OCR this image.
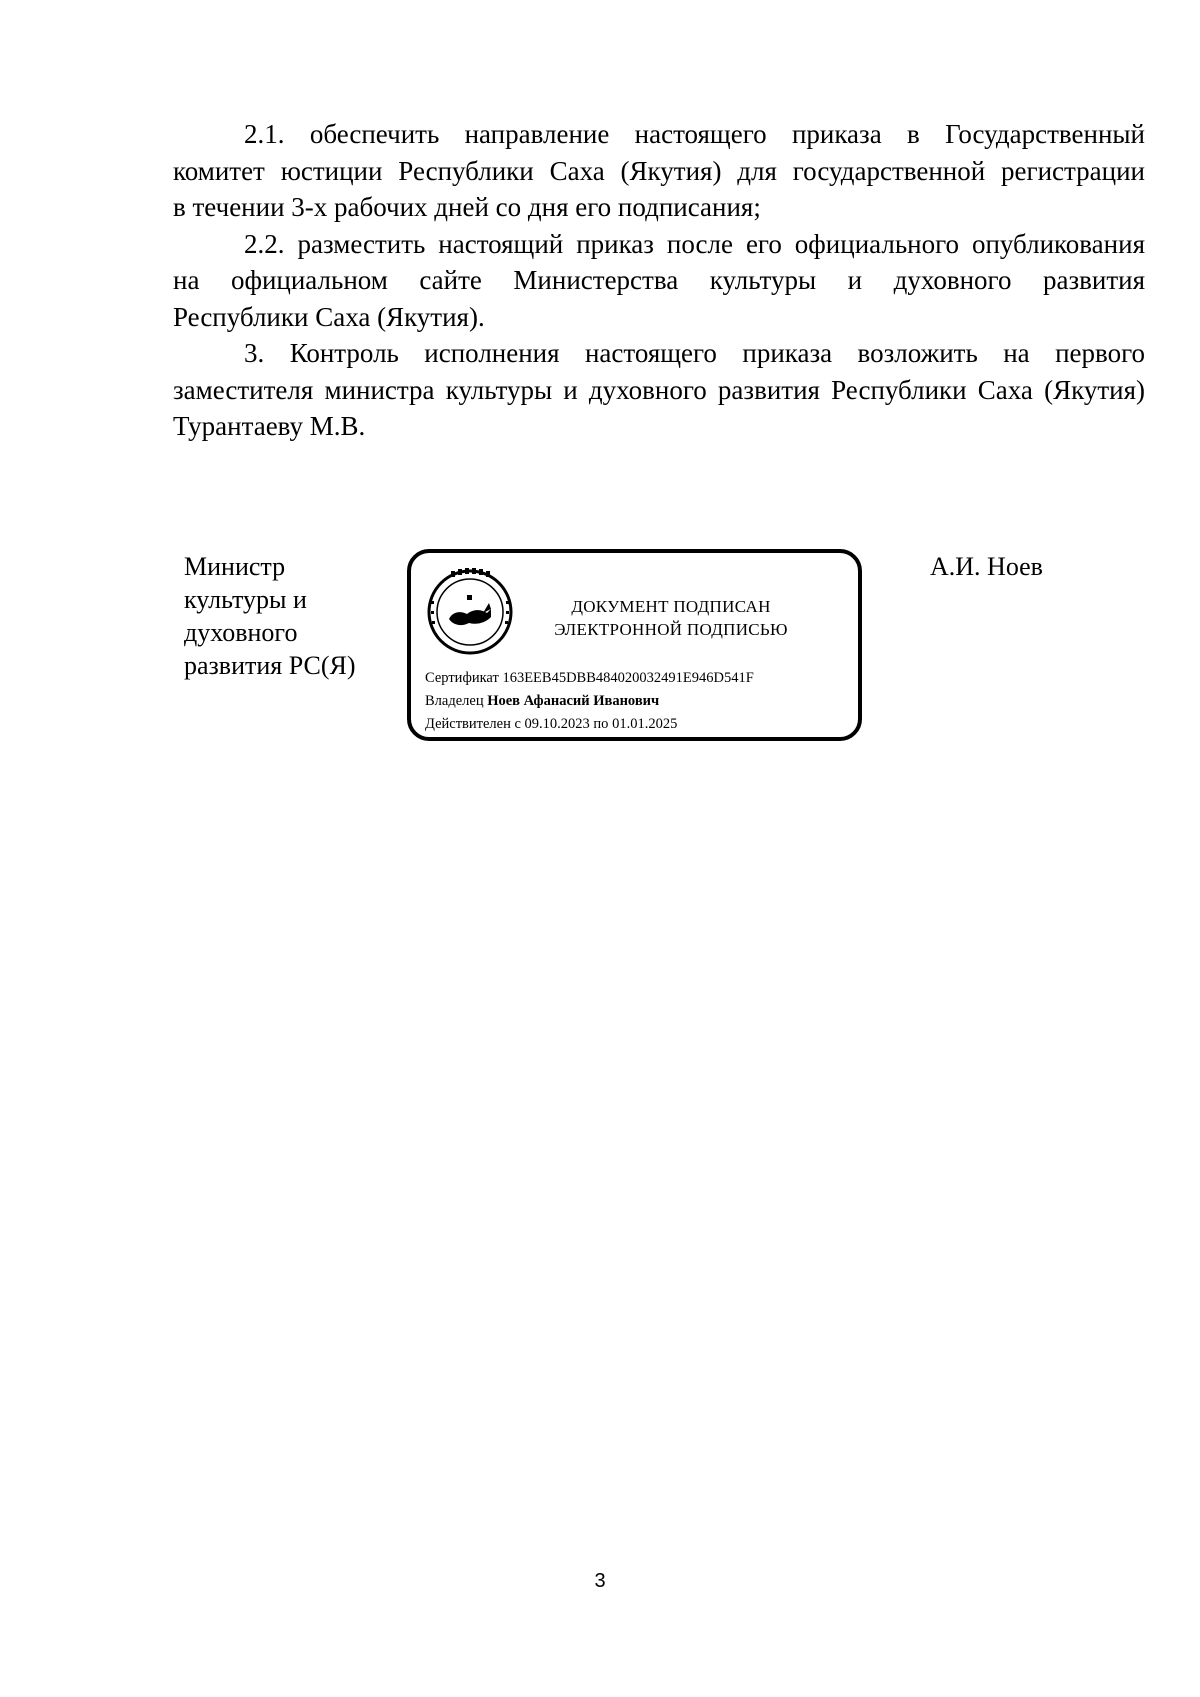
2.1. обеспечить направление настоящего приказа в Государственный
комитет юстиции Республики Саха (Якутия) для государственной регистрации
в течении 3-х рабочих дней со дня его подписания;

2.2. разместить настоящий приказ после его официального опубликования
на официальном сайте Министерства культуры и духовного развития
Республики Саха (Якутия).

3. Контроль исполнения настоящего приказа возложить на первого
заместителя министра культуры и духовного развития Республики Саха (Якутия)
Турантаеву М.В.

Министр
культуры и
духовного
развития РС(Я)
ДОКУМЕНТ ПОДПИСАН
ЭЛЕКТРОННОЙ ПОДПИСЬЮ
Сертификат 163EEB45DBB484020032491E946D541F
Владелец Ноев Афанасий Иванович
Действителен с 09.10.2023 по 01.01.2025
А.И. Ноев
3
